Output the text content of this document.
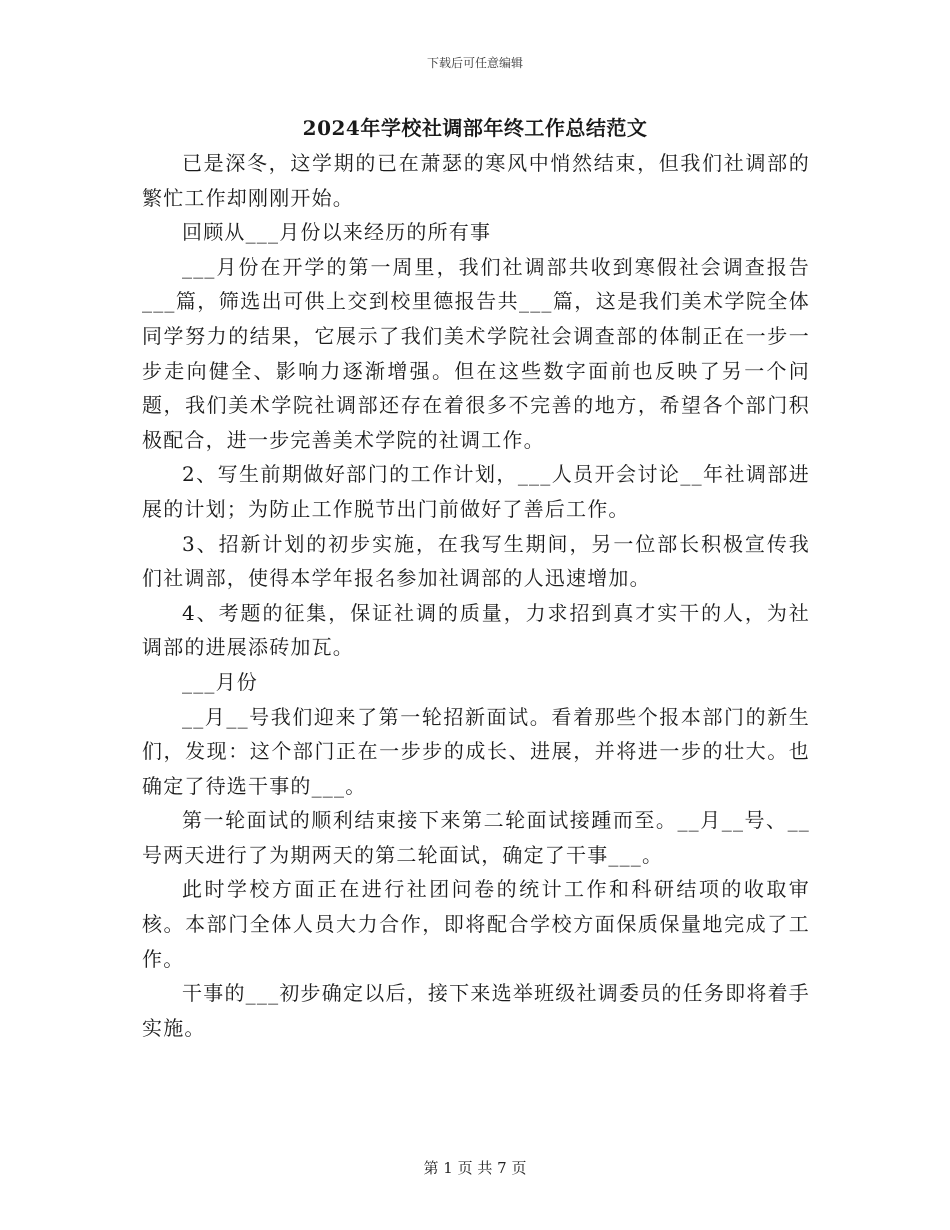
下载后可任意编辑
2024年学校社调部年终工作总结范文

已是深冬，这学期的已在萧瑟的寒风中悄然结束，但我们社调部的繁忙工作却刚刚开始。

回顾从___月份以来经历的所有事

___月份在开学的第一周里，我们社调部共收到寒假社会调查报告___篇，筛选出可供上交到校里德报告共___篇，这是我们美术学院全体同学努力的结果，它展示了我们美术学院社会调查部的体制正在一步一步走向健全、影响力逐渐增强。但在这些数字面前也反映了另一个问题，我们美术学院社调部还存在着很多不完善的地方，希望各个部门积极配合，进一步完善美术学院的社调工作。

2、写生前期做好部门的工作计划，___人员开会讨论__年社调部进展的计划；为防止工作脱节出门前做好了善后工作。

3、招新计划的初步实施，在我写生期间，另一位部长积极宣传我们社调部，使得本学年报名参加社调部的人迅速增加。

4、考题的征集，保证社调的质量，力求招到真才实干的人，为社调部的进展添砖加瓦。

___月份

__月__号我们迎来了第一轮招新面试。看着那些个报本部门的新生们，发现：这个部门正在一步步的成长、进展，并将进一步的壮大。也确定了待选干事的___。

第一轮面试的顺利结束接下来第二轮面试接踵而至。__月__号、__号两天进行了为期两天的第二轮面试，确定了干事___。

此时学校方面正在进行社团问卷的统计工作和科研结项的收取审核。本部门全体人员大力合作，即将配合学校方面保质保量地完成了工作。

干事的___初步确定以后，接下来选举班级社调委员的任务即将着手实施。

第 1 页 共 7 页
